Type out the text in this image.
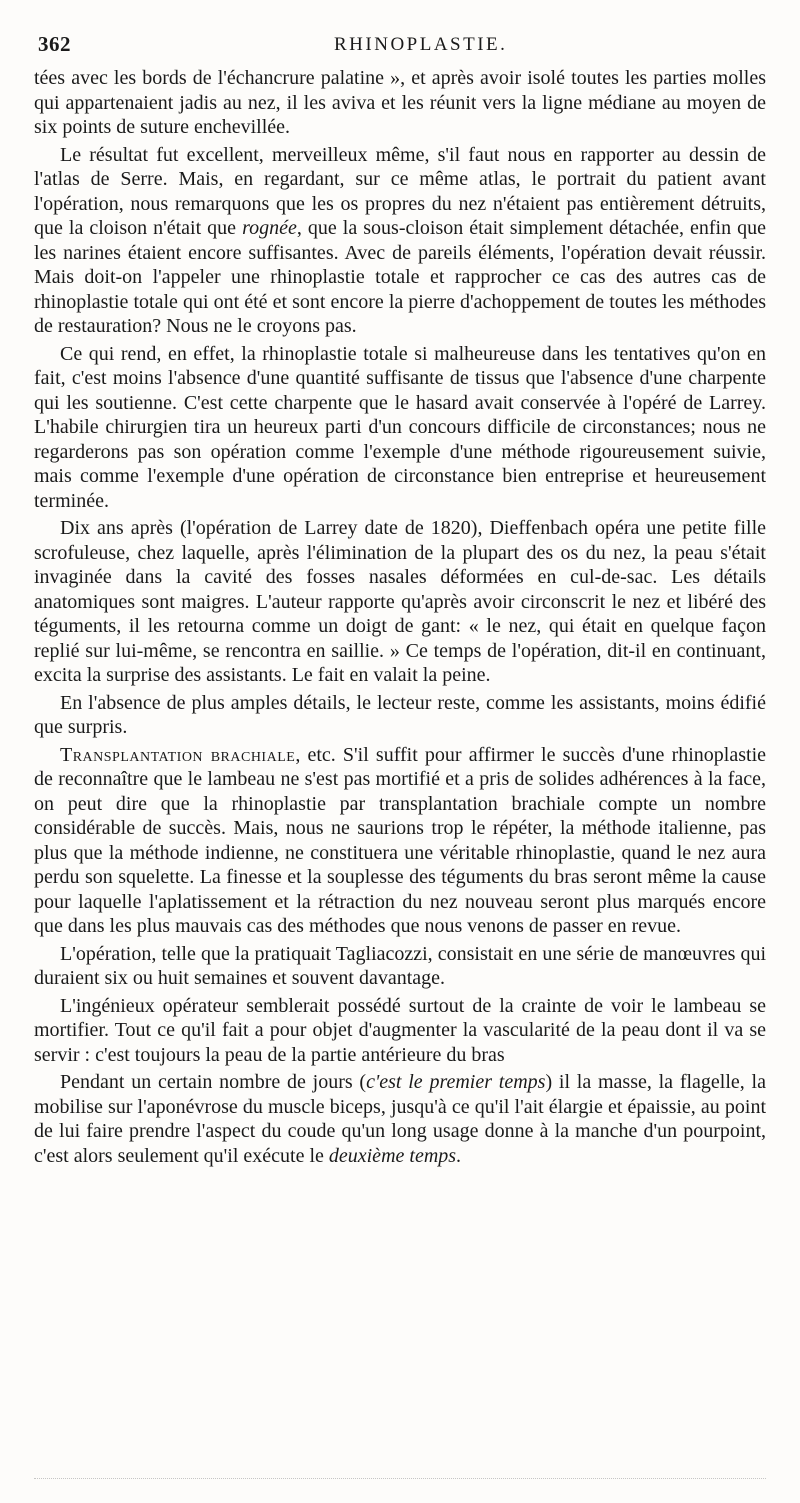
362	RHINOPLASTIE.

tées avec les bords de l'échancrure palatine », et après avoir isolé toutes les parties molles qui appartenaient jadis au nez, il les aviva et les réunit vers la ligne médiane au moyen de six points de suture enchevillée.

Le résultat fut excellent, merveilleux même, s'il faut nous en rapporter au dessin de l'atlas de Serre. Mais, en regardant, sur ce même atlas, le portrait du patient avant l'opération, nous remarquons que les os propres du nez n'étaient pas entièrement détruits, que la cloison n'était que rognée, que la sous-cloison était simplement détachée, enfin que les narines étaient encore suffisantes. Avec de pareils éléments, l'opération devait réussir. Mais doit-on l'appeler une rhinoplastie totale et rapprocher ce cas des autres cas de rhinoplastie totale qui ont été et sont encore la pierre d'achoppement de toutes les méthodes de restauration? Nous ne le croyons pas.

Ce qui rend, en effet, la rhinoplastie totale si malheureuse dans les tentatives qu'on en fait, c'est moins l'absence d'une quantité suffisante de tissus que l'absence d'une charpente qui les soutienne. C'est cette charpente que le hasard avait conservée à l'opéré de Larrey. L'habile chirurgien tira un heureux parti d'un concours difficile de circonstances; nous ne regarderons pas son opération comme l'exemple d'une méthode rigoureusement suivie, mais comme l'exemple d'une opération de circonstance bien entreprise et heureusement terminée.

Dix ans après (l'opération de Larrey date de 1820), Dieffenbach opéra une petite fille scrofuleuse, chez laquelle, après l'élimination de la plupart des os du nez, la peau s'était invaginée dans la cavité des fosses nasales déformées en cul-de-sac. Les détails anatomiques sont maigres. L'auteur rapporte qu'après avoir circonscrit le nez et libéré des téguments, il les retourna comme un doigt de gant: « le nez, qui était en quelque façon replié sur lui-même, se rencontra en saillie. » Ce temps de l'opération, dit-il en continuant, excita la surprise des assistants. Le fait en valait la peine.

En l'absence de plus amples détails, le lecteur reste, comme les assistants, moins édifié que surpris.

Transplantation brachiale, etc. S'il suffit pour affirmer le succès d'une rhinoplastie de reconnaître que le lambeau ne s'est pas mortifié et a pris de solides adhérences à la face, on peut dire que la rhinoplastie par transplantation brachiale compte un nombre considérable de succès. Mais, nous ne saurions trop le répéter, la méthode italienne, pas plus que la méthode indienne, ne constituera une véritable rhinoplastie, quand le nez aura perdu son squelette. La finesse et la souplesse des téguments du bras seront même la cause pour laquelle l'aplatissement et la rétraction du nez nouveau seront plus marqués encore que dans les plus mauvais cas des méthodes que nous venons de passer en revue.

L'opération, telle que la pratiquait Tagliacozzi, consistait en une série de manœuvres qui duraient six ou huit semaines et souvent davantage.

L'ingénieux opérateur semblerait possédé surtout de la crainte de voir le lambeau se mortifier. Tout ce qu'il fait a pour objet d'augmenter la vascularité de la peau dont il va se servir : c'est toujours la peau de la partie antérieure du bras

Pendant un certain nombre de jours (c'est le premier temps) il la masse, la flagelle, la mobilise sur l'aponévrose du muscle biceps, jusqu'à ce qu'il l'ait élargie et épaissie, au point de lui faire prendre l'aspect du coude qu'un long usage donne à la manche d'un pourpoint, c'est alors seulement qu'il exécute le deuxième temps.
